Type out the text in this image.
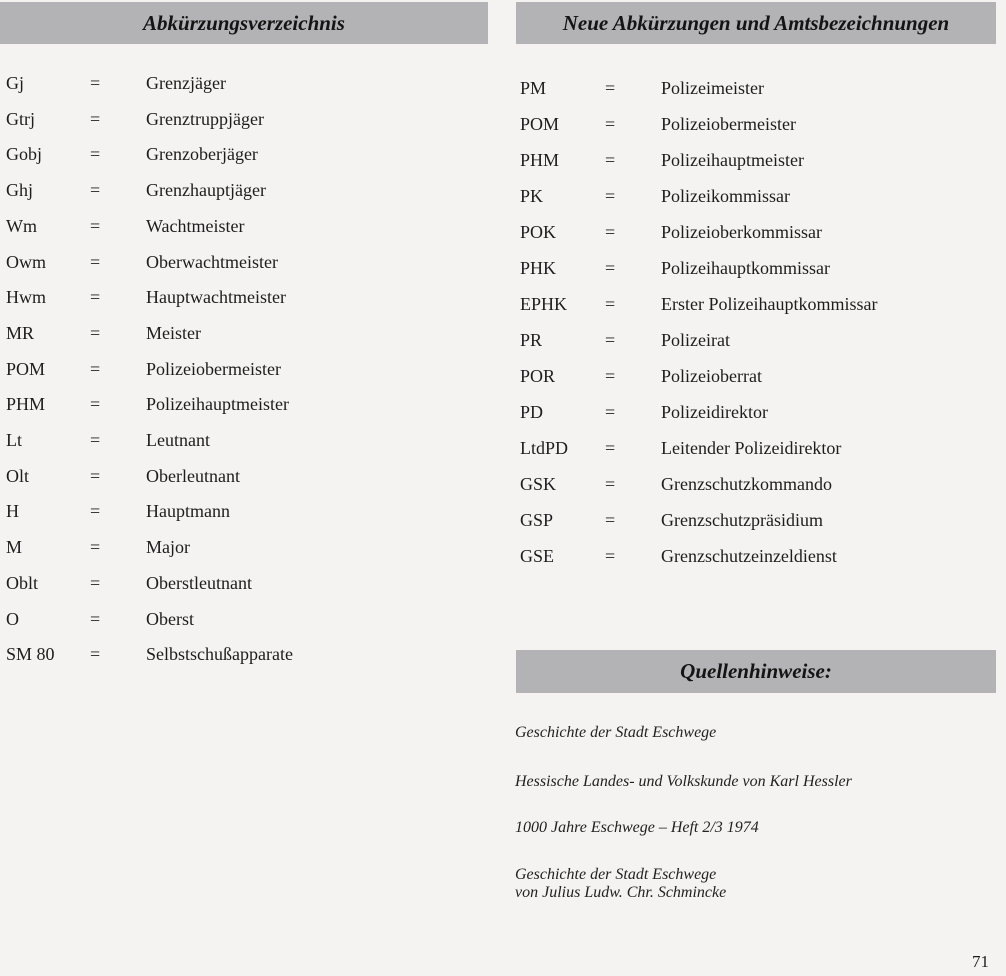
Abkürzungsverzeichnis	Neue Abkürzungen und Amtsbezeichnungen
Gj	=	Grenzjäger
Gtrj	=	Grenztruppjäger
Gobj	=	Grenzoberjäger
Ghj	=	Grenzhauptjäger
Wm	=	Wachtmeister
Owm =	Oberwachtmeister
Hwm =	Hauptwachtmeister
MR	=	Meister
POM =	Polizeiobermeister
PHM =	Polizeihauptmeister
Lt	=	Leutnant
Olt	=	Oberleutnant
H	=	Hauptmann
M	=	Major
Oblt	=	Oberstleutnant
O	=	Oberst
SM 80 =	Selbstschußapparate
PM	=	Polizeimeister
POM	=	Polizeiobermeister
PHM	=	Polizeihauptmeister
PK	=	Polizeikommissar
POK	=	Polizeioberkommissar
PHK	=	Polizeihauptkommissar
EPHK =	Erster Polizeihauptkommissar
PR	=	Polizeirat
POR	=	Polizeioberrat
PD	=	Polizeidirektor
LtdPD =	Leitender Polizeidirektor
GSK	=	Grenzschutzkommando
GSP	=	Grenzschutzpräsidium
GSE	=	Grenzschutzeinzeldienst
Quellenhinweise:
Geschichte der Stadt Eschwege
Hessische Landes- und Volkskunde von Karl Hessler
1000 Jahre Eschwege – Heft 2/3 1974
Geschichte der Stadt Eschwege
von Julius Ludw. Chr. Schmincke
71
